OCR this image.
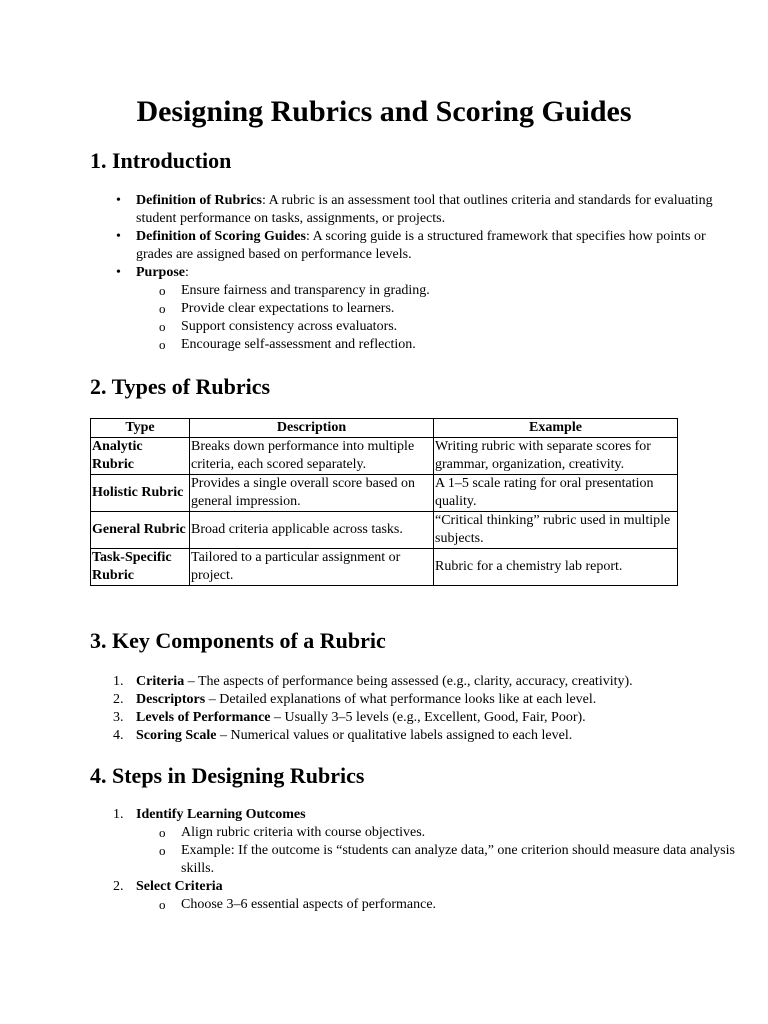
Designing Rubrics and Scoring Guides
1. Introduction
• Definition of Rubrics: A rubric is an assessment tool that outlines criteria and standards for evaluating student performance on tasks, assignments, or projects.
• Definition of Scoring Guides: A scoring guide is a structured framework that specifies how points or grades are assigned based on performance levels.
• Purpose:
o Ensure fairness and transparency in grading.
o Provide clear expectations to learners.
o Support consistency across evaluators.
o Encourage self-assessment and reflection.
2. Types of Rubrics
Type	Description	Example
Analytic Rubric	Breaks down performance into multiple criteria, each scored separately.	Writing rubric with separate scores for grammar, organization, creativity.
Holistic Rubric	Provides a single overall score based on general impression.	A 1–5 scale rating for oral presentation quality.
General Rubric	Broad criteria applicable across tasks.	“Critical thinking” rubric used in multiple subjects.
Task-Specific Rubric	Tailored to a particular assignment or project.	Rubric for a chemistry lab report.
3. Key Components of a Rubric
1. Criteria – The aspects of performance being assessed (e.g., clarity, accuracy, creativity).
2. Descriptors – Detailed explanations of what performance looks like at each level.
3. Levels of Performance – Usually 3–5 levels (e.g., Excellent, Good, Fair, Poor).
4. Scoring Scale – Numerical values or qualitative labels assigned to each level.
4. Steps in Designing Rubrics
1. Identify Learning Outcomes
o Align rubric criteria with course objectives.
o Example: If the outcome is “students can analyze data,” one criterion should measure data analysis skills.
2. Select Criteria
o Choose 3–6 essential aspects of performance.
